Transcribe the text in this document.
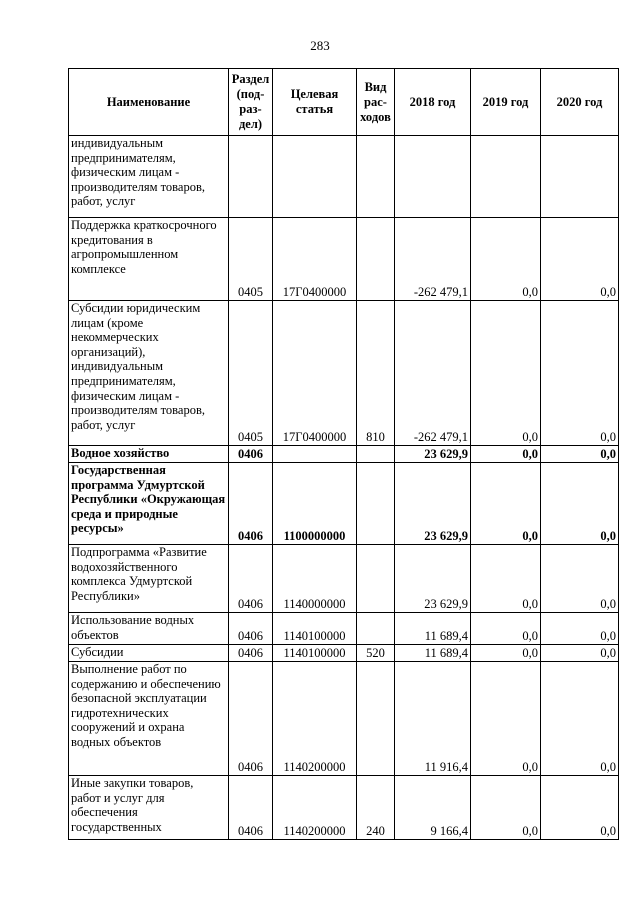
283
Наименование	Раздел (под-раз-дел)	Целевая статья	Вид рас-ходов	2018 год	2019 год	2020 год
индивидуальным предпринимателям, физическим лицам - производителям товаров, работ, услуг						
Поддержка краткосрочного кредитования в агропромышленном комплексе	0405	17Г0400000		-262 479,1	0,0	0,0
Субсидии юридическим лицам (кроме некоммерческих организаций), индивидуальным предпринимателям, физическим лицам - производителям товаров, работ, услуг	0405	17Г0400000	810	-262 479,1	0,0	0,0
Водное хозяйство	0406			23 629,9	0,0	0,0
Государственная программа Удмуртской Республики «Окружающая среда и природные ресурсы»	0406	1100000000		23 629,9	0,0	0,0
Подпрограмма «Развитие водохозяйственного комплекса Удмуртской Республики»	0406	1140000000		23 629,9	0,0	0,0
Использование водных объектов	0406	1140100000		11 689,4	0,0	0,0
Субсидии	0406	1140100000	520	11 689,4	0,0	0,0
Выполнение работ по содержанию и обеспечению безопасной эксплуатации гидротехнических сооружений и охрана водных объектов	0406	1140200000		11 916,4	0,0	0,0
Иные закупки товаров, работ и услуг для обеспечения государственных	0406	1140200000	240	9 166,4	0,0	0,0
